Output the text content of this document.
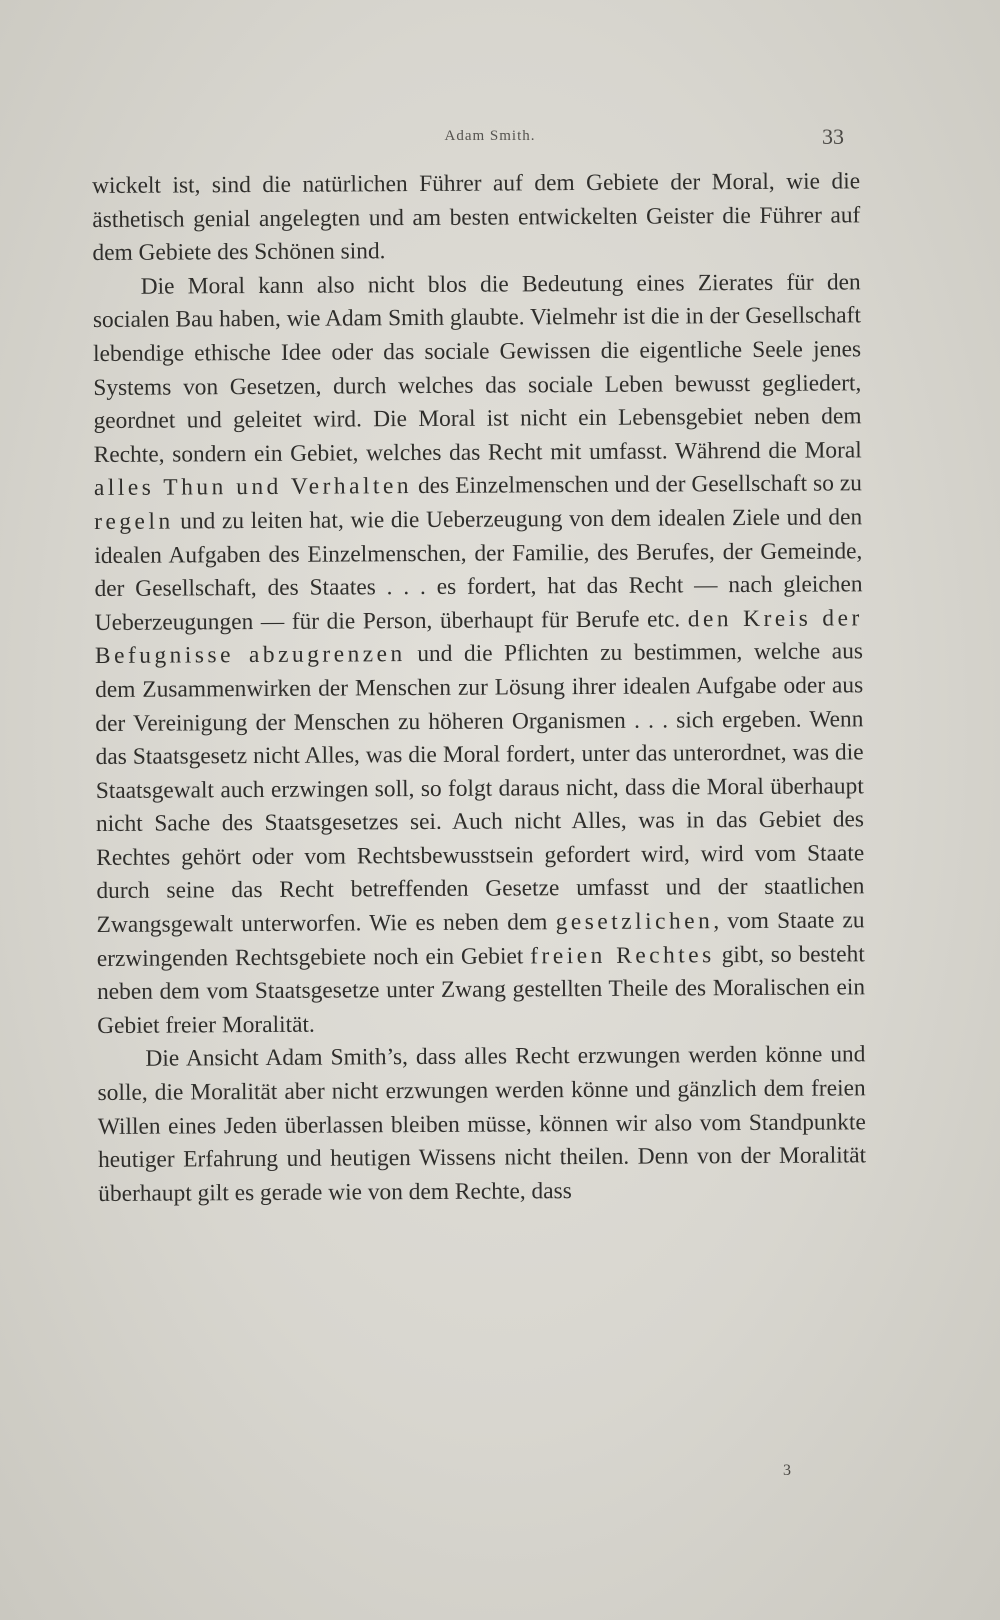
Adam Smith.	33

wickelt ist, sind die natürlichen Führer auf dem Gebiete der Moral, wie die ästhetisch genial angelegten und am besten entwickelten Geister die Führer auf dem Gebiete des Schönen sind.

Die Moral kann also nicht blos die Bedeutung eines Zierates für den socialen Bau haben, wie Adam Smith glaubte. Vielmehr ist die in der Gesellschaft lebendige ethische Idee oder das sociale Gewissen die eigentliche Seele jenes Systems von Gesetzen, durch welches das sociale Leben bewusst gegliedert, geordnet und geleitet wird. Die Moral ist nicht ein Lebensgebiet neben dem Rechte, sondern ein Gebiet, welches das Recht mit umfasst. Während die Moral alles Thun und Verhalten des Einzelmenschen und der Gesellschaft so zu regeln und zu leiten hat, wie die Ueberzeugung von dem idealen Ziele und den idealen Aufgaben des Einzelmenschen, der Familie, des Berufes, der Gemeinde, der Gesellschaft, des Staates . . . es fordert, hat das Recht — nach gleichen Ueberzeugungen — für die Person, überhaupt für Berufe etc. den Kreis der Befugnisse abzugrenzen und die Pflichten zu bestimmen, welche aus dem Zusammenwirken der Menschen zur Lösung ihrer idealen Aufgabe oder aus der Vereinigung der Menschen zu höheren Organismen . . . sich ergeben. Wenn das Staatsgesetz nicht Alles, was die Moral fordert, unter das unterordnet, was die Staatsgewalt auch erzwingen soll, so folgt daraus nicht, dass die Moral überhaupt nicht Sache des Staatsgesetzes sei. Auch nicht Alles, was in das Gebiet des Rechtes gehört oder vom Rechtsbewusstsein gefordert wird, wird vom Staate durch seine das Recht betreffenden Gesetze umfasst und der staatlichen Zwangsgewalt unterworfen. Wie es neben dem gesetzlichen, vom Staate zu erzwingenden Rechtsgebiete noch ein Gebiet freien Rechtes gibt, so besteht neben dem vom Staatsgesetze unter Zwang gestellten Theile des Moralischen ein Gebiet freier Moralität.

Die Ansicht Adam Smith’s, dass alles Recht erzwungen werden könne und solle, die Moralität aber nicht erzwungen werden könne und gänzlich dem freien Willen eines Jeden überlassen bleiben müsse, können wir also vom Standpunkte heutiger Erfahrung und heutigen Wissens nicht theilen. Denn von der Moralität überhaupt gilt es gerade wie von dem Rechte, dass

3
